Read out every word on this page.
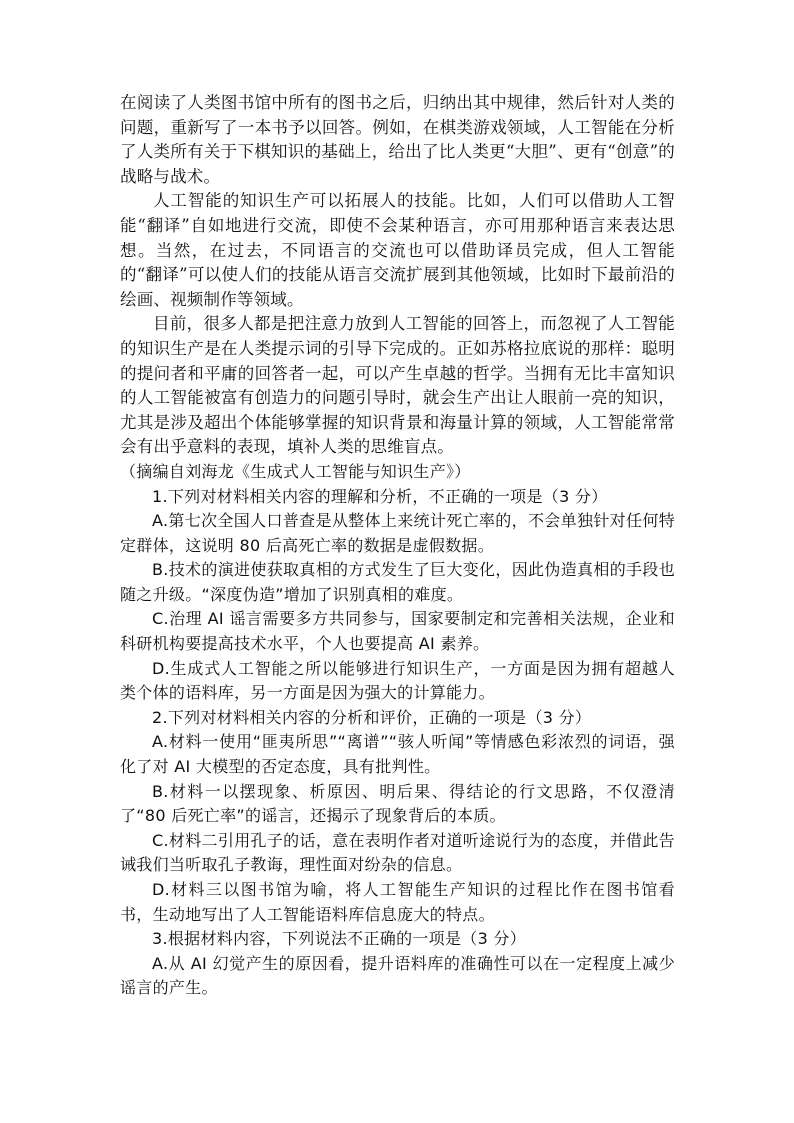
在阅读了人类图书馆中所有的图书之后，归纳出其中规律，然后针对人类的问题，重新写了一本书予以回答。例如，在棋类游戏领域，人工智能在分析了人类所有关于下棋知识的基础上，给出了比人类更“大胆”、更有“创意”的战略与战术。

人工智能的知识生产可以拓展人的技能。比如，人们可以借助人工智能“翻译”自如地进行交流，即使不会某种语言，亦可用那种语言来表达思想。当然，在过去，不同语言的交流也可以借助译员完成，但人工智能的“翻译”可以使人们的技能从语言交流扩展到其他领域，比如时下最前沿的绘画、视频制作等领域。

目前，很多人都是把注意力放到人工智能的回答上，而忽视了人工智能的知识生产是在人类提示词的引导下完成的。正如苏格拉底说的那样：聪明的提问者和平庸的回答者一起，可以产生卓越的哲学。当拥有无比丰富知识的人工智能被富有创造力的问题引导时，就会生产出让人眼前一亮的知识，尤其是涉及超出个体能够掌握的知识背景和海量计算的领域，人工智能常常会有出乎意料的表现，填补人类的思维盲点。

（摘编自刘海龙《生成式人工智能与知识生产》）

1.下列对材料相关内容的理解和分析，不正确的一项是（3 分）

A.第七次全国人口普查是从整体上来统计死亡率的，不会单独针对任何特定群体，这说明 80 后高死亡率的数据是虚假数据。

B.技术的演进使获取真相的方式发生了巨大变化，因此伪造真相的手段也随之升级。“深度伪造”增加了识别真相的难度。

C.治理 AI 谣言需要多方共同参与，国家要制定和完善相关法规，企业和科研机构要提高技术水平，个人也要提高 AI 素养。

D.生成式人工智能之所以能够进行知识生产，一方面是因为拥有超越人类个体的语料库，另一方面是因为强大的计算能力。

2.下列对材料相关内容的分析和评价，正确的一项是（3 分）

A.材料一使用“匪夷所思”“离谱”“骇人听闻”等情感色彩浓烈的词语，强化了对 AI 大模型的否定态度，具有批判性。

B.材料一以摆现象、析原因、明后果、得结论的行文思路，不仅澄清了“80 后死亡率”的谣言，还揭示了现象背后的本质。

C.材料二引用孔子的话，意在表明作者对道听途说行为的态度，并借此告诫我们当听取孔子教诲，理性面对纷杂的信息。

D.材料三以图书馆为喻，将人工智能生产知识的过程比作在图书馆看书，生动地写出了人工智能语料库信息庞大的特点。

3.根据材料内容，下列说法不正确的一项是（3 分）

A.从 AI 幻觉产生的原因看，提升语料库的准确性可以在一定程度上减少谣言的产生。
